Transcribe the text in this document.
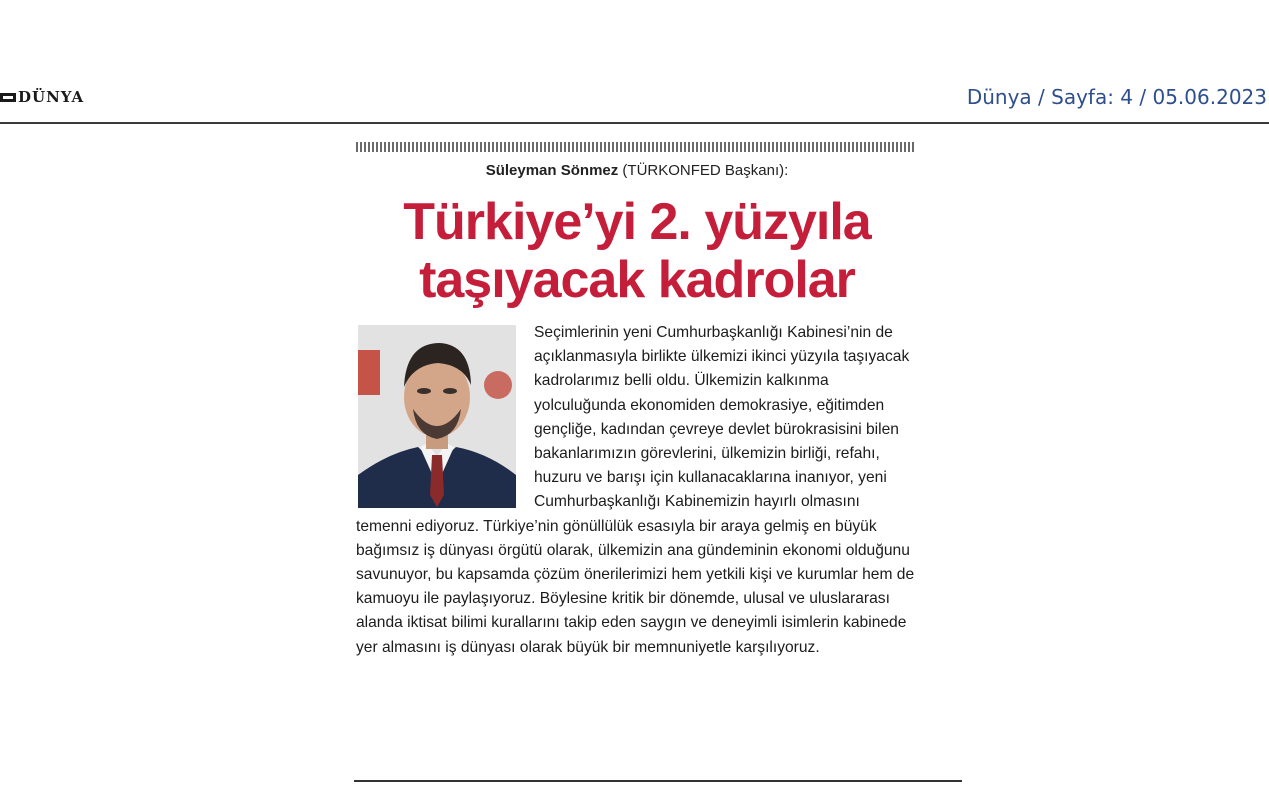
DÜNYA	Dünya / Sayfa: 4 / 05.06.2023
Süleyman Sönmez (TÜRKONFED Başkanı):
Türkiye’yi 2. yüzyıla
taşıyacak kadrolar

Seçimlerinin yeni Cumhurbaşkanlığı Kabinesi’nin de açıklanmasıyla birlikte ülkemizi ikinci yüzyıla taşıyacak kadrolarımız belli oldu. Ülkemizin kalkınma yolculuğunda ekonomiden demokrasiye, eğitimden gençliğe, kadından çevreye devlet bürokrasisini bilen bakanlarımızın görevlerini, ülkemizin birliği, refahı, huzuru ve barışı için kullanacaklarına inanıyor, yeni Cumhurbaşkanlığı Kabinemizin hayırlı olmasını temenni ediyoruz. Türkiye’nin gönüllülük esasıyla bir araya gelmiş en büyük bağımsız iş dünyası örgütü olarak, ülkemizin ana gündeminin ekonomi olduğunu savunuyor, bu kapsamda çözüm önerilerimizi hem yetkili kişi ve kurumlar hem de kamuoyu ile paylaşıyoruz. Böylesine kritik bir dönemde, ulusal ve uluslararası alanda iktisat bilimi kurallarını takip eden saygın ve deneyimli isimlerin kabinede yer almasını iş dünyası olarak büyük bir memnuniyetle karşılıyoruz.
